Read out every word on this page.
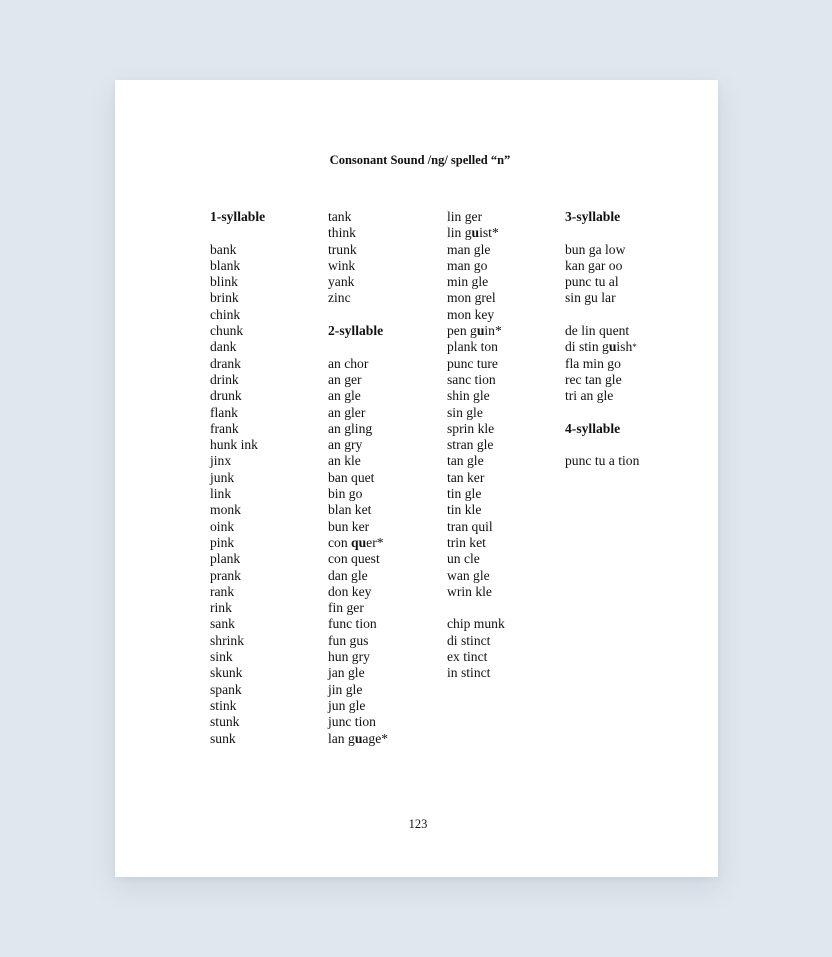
Consonant Sound /ng/ spelled “n”
1-syllable
bank
blank
blink
brink
chink
chunk
dank
drank
drink
drunk
flank
frank
hunk ink
jinx
junk
link
monk
oink
pink
plank
prank
rank
rink
sank
shrink
sink
skunk
spank
stink
stunk
sunk
tank
think
trunk
wink
yank
zinc
2-syllable
an chor
an ger
an gle
an gler
an gling
an gry
an kle
ban quet
bin go
blan ket
bun ker
con quer*
con quest
dan gle
don key
fin ger
func tion
fun gus
hun gry
jan gle
jin gle
jun gle
junc tion
lan guage*
lin ger
lin guist*
man gle
man go
min gle
mon grel
mon key
pen guin*
plank ton
punc ture
sanc tion
shin gle
sin gle
sprin kle
stran gle
tan gle
tan ker
tin gle
tin kle
tran quil
trin ket
un cle
wan gle
wrin kle
chip munk
di stinct
ex tinct
in stinct
3-syllable
bun ga low
kan gar oo
punc tu al
sin gu lar
de lin quent
di stin guish*
fla min go
rec tan gle
tri an gle
4-syllable
punc tu a tion
123
